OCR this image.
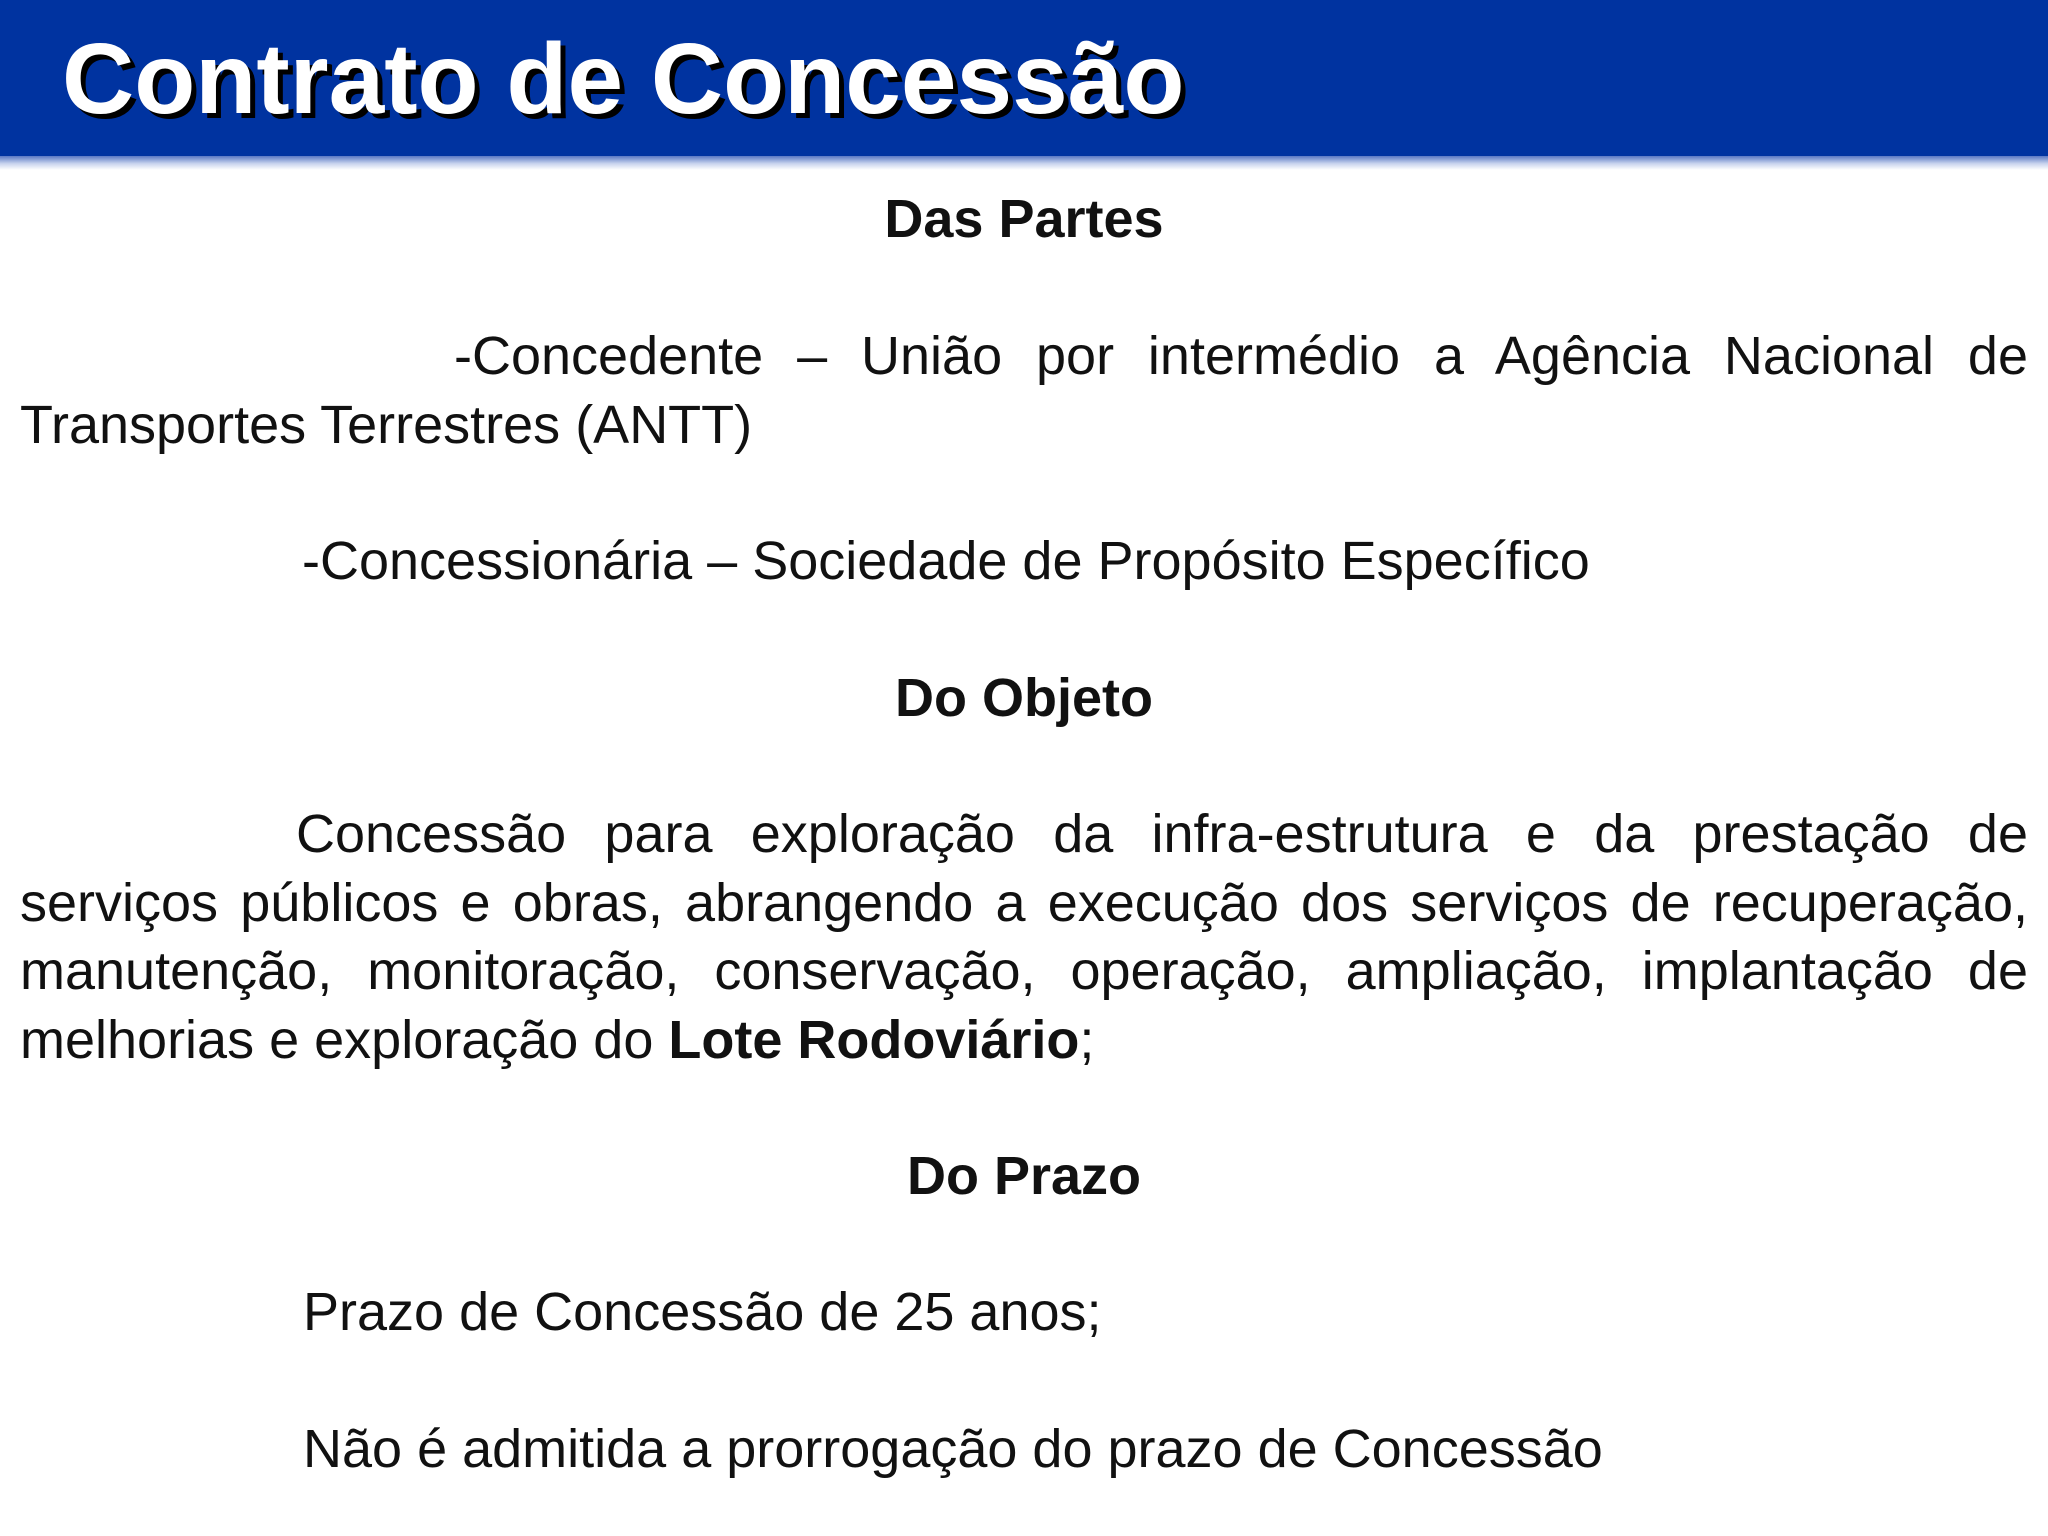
Contrato de Concessão
Das Partes

-Concedente – União por intermédio a Agência Nacional de Transportes Terrestres (ANTT)

-Concessionária – Sociedade de Propósito Específico

Do Objeto

Concessão para exploração da infra-estrutura e da prestação de serviços públicos e obras, abrangendo a execução dos serviços de recuperação, manutenção, monitoração, conservação, operação, ampliação, implantação de melhorias e exploração do Lote Rodoviário;

Do Prazo

Prazo de Concessão de 25 anos;

Não é admitida a prorrogação do prazo de Concessão
